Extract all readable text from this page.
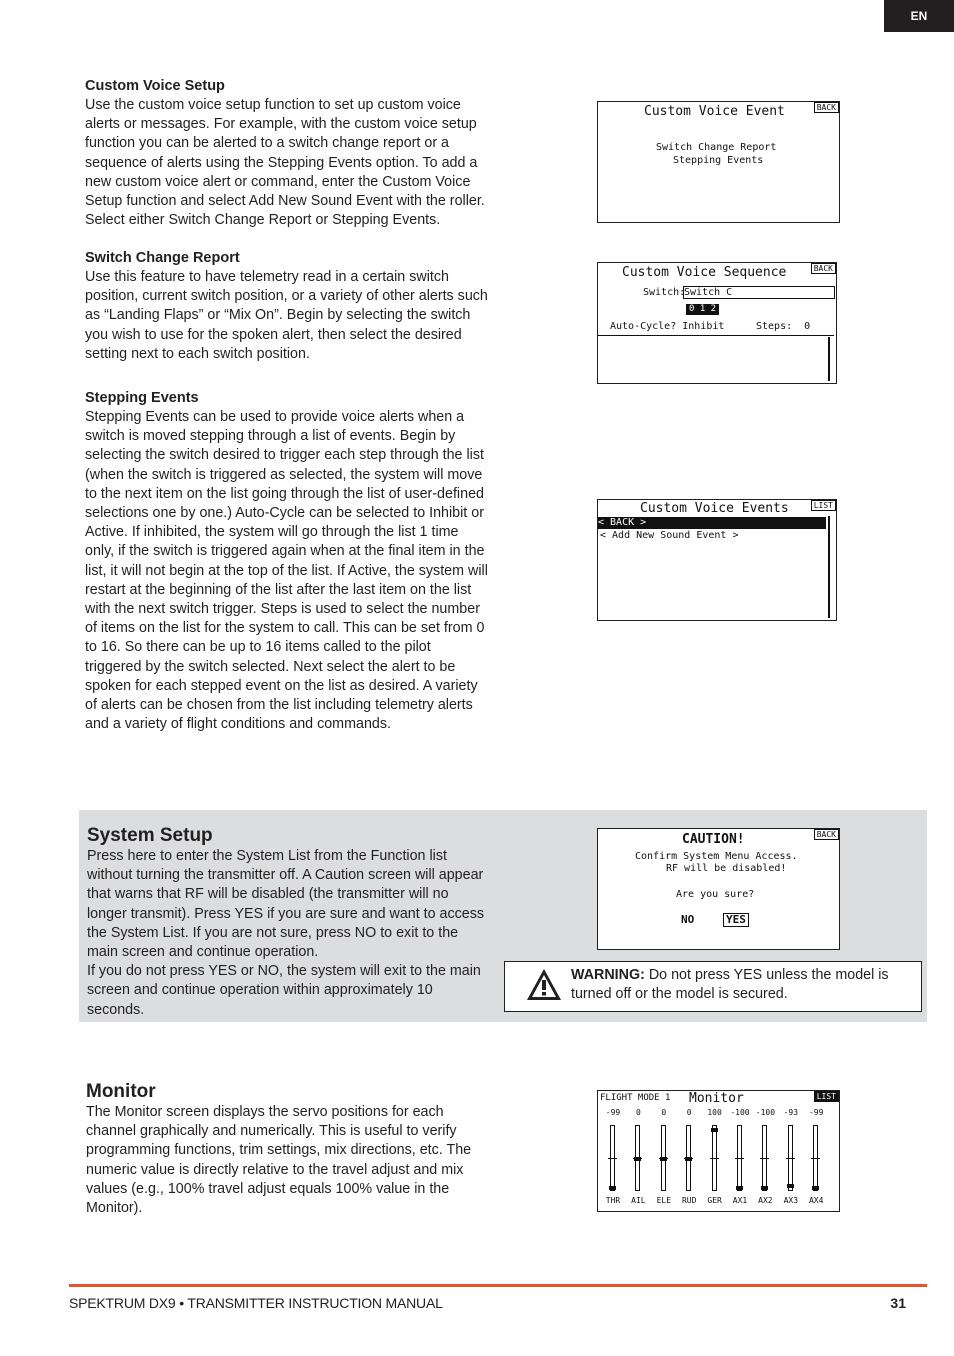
EN
Custom Voice Setup

Use the custom voice setup function to set up custom voice alerts or messages. For example, with the custom voice setup function you can be alerted to a switch change report or a sequence of alerts using the Stepping Events option. To add a new custom voice alert or command, enter the Custom Voice Setup function and select Add New Sound Event with the roller. Select either Switch Change Report or Stepping Events.

Switch Change Report

Use this feature to have telemetry read in a certain switch position, current switch position, or a variety of other alerts such as “Landing Flaps” or “Mix On”. Begin by selecting the switch you wish to use for the spoken alert, then select the desired setting next to each switch position.

Stepping Events

Stepping Events can be used to provide voice alerts when a switch is moved stepping through a list of events. Begin by selecting the switch desired to trigger each step through the list (when the switch is triggered as selected, the system will move to the next item on the list going through the list of user-defined selections one by one.) Auto-Cycle can be selected to Inhibit or Active. If inhibited, the system will go through the list 1 time only, if the switch is triggered again when at the final item in the list, it will not begin at the top of the list. If Active, the system will restart at the beginning of the list after the last item on the list with the next switch trigger. Steps is used to select the number of items on the list for the system to call. This can be set from 0 to 16. So there can be up to 16 items called to the pilot triggered by the switch selected. Next select the alert to be spoken for each stepped event on the list as desired. A variety of alerts can be chosen from the list including telemetry alerts and a variety of flight conditions and commands.

Custom Voice Event	BACK
Switch Change Report
Stepping Events
Custom Voice Sequence	BACK
Switch:
Switch C
0 1 2
Auto-Cycle? Inhibit	Steps:  0
Custom Voice Events	LIST
< BACK >
< Add New Sound Event >
System Setup

Press here to enter the System List from the Function list without turning the transmitter off. A Caution screen will appear that warns that RF will be disabled (the transmitter will no longer transmit). Press YES if you are sure and want to access the System List. If you are not sure, press NO to exit to the main screen and continue operation.

If you do not press YES or NO, the system will exit to the main screen and continue operation within approximately 10 seconds.

CAUTION!	BACK
Confirm System Menu Access.
RF will be disabled!
Are you sure?
NO	YES
WARNING: Do not press YES unless the model is turned off or the model is secured.
Monitor

The Monitor screen displays the servo positions for each channel graphically and numerically. This is useful to verify programming functions, trim settings, mix directions, etc. The numeric value is directly relative to the travel adjust and mix values (e.g., 100% travel adjust equals 100% value in the Monitor).

FLIGHT MODE 1 Monitor	LIST
-99
THR
0
AIL
0
ELE
0
RUD
100
GER
-100
AX1
-100
AX2
-93
AX3
-99
AX4
SPEKTRUM DX9 • TRANSMITTER INSTRUCTION MANUAL	31
